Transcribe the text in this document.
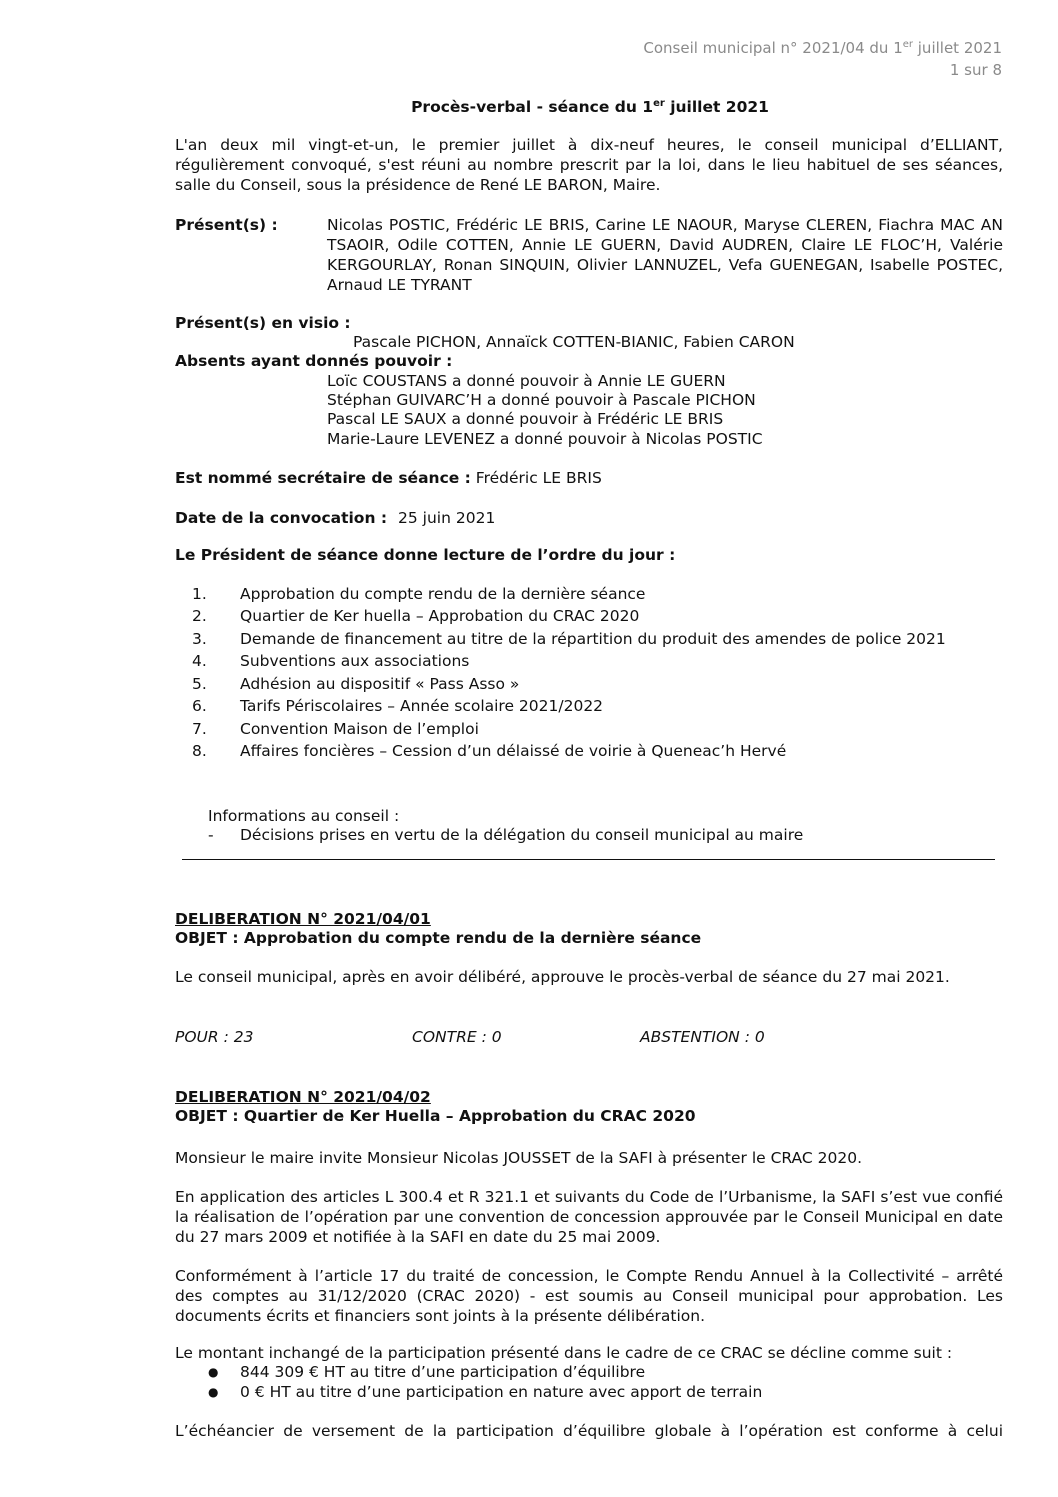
Conseil municipal n° 2021/04 du 1er juillet 2021
1 sur 8
Procès-verbal - séance du 1er juillet 2021
L'an deux mil vingt-et-un, le premier juillet à dix-neuf heures, le conseil municipal d’ELLIANT, régulièrement convoqué, s'est réuni au nombre prescrit par la loi, dans le lieu habituel de ses séances, salle du Conseil, sous la présidence de René LE BARON, Maire.
Présent(s) :	Nicolas POSTIC, Frédéric LE BRIS, Carine LE NAOUR, Maryse CLEREN, Fiachra MAC AN TSAOIR, Odile COTTEN, Annie LE GUERN, David AUDREN, Claire LE FLOC’H, Valérie KERGOURLAY, Ronan SINQUIN, Olivier LANNUZEL, Vefa GUENEGAN, Isabelle POSTEC, Arnaud LE TYRANT
Présent(s) en visio :
Pascale PICHON, Annaïck COTTEN-BIANIC, Fabien CARON
Absents ayant donnés pouvoir :
Loïc COUSTANS a donné pouvoir à Annie LE GUERN
Stéphan GUIVARC’H a donné pouvoir à Pascale PICHON
Pascal LE SAUX a donné pouvoir à Frédéric LE BRIS
Marie-Laure LEVENEZ a donné pouvoir à Nicolas POSTIC
Est nommé secrétaire de séance : Frédéric LE BRIS
Date de la convocation : 25 juin 2021
Le Président de séance donne lecture de l’ordre du jour :
1.	Approbation du compte rendu de la dernière séance
2.	Quartier de Ker huella – Approbation du CRAC 2020
3.	Demande de financement au titre de la répartition du produit des amendes de police 2021
4.	Subventions aux associations
5.	Adhésion au dispositif « Pass Asso »
6.	Tarifs Périscolaires – Année scolaire 2021/2022
7.	Convention Maison de l’emploi
8.	Affaires foncières – Cession d’un délaissé de voirie à Queneac’h Hervé
Informations au conseil :
- Décisions prises en vertu de la délégation du conseil municipal au maire
DELIBERATION N° 2021/04/01
OBJET : Approbation du compte rendu de la dernière séance
Le conseil municipal, après en avoir délibéré, approuve le procès-verbal de séance du 27 mai 2021.
POUR : 23	CONTRE : 0	ABSTENTION : 0
DELIBERATION N° 2021/04/02
OBJET : Quartier de Ker Huella – Approbation du CRAC 2020
Monsieur le maire invite Monsieur Nicolas JOUSSET de la SAFI à présenter le CRAC 2020.
En application des articles L 300.4 et R 321.1 et suivants du Code de l’Urbanisme, la SAFI s’est vue confié la réalisation de l’opération par une convention de concession approuvée par le Conseil Municipal en date du 27 mars 2009 et notifiée à la SAFI en date du 25 mai 2009.
Conformément à l’article 17 du traité de concession, le Compte Rendu Annuel à la Collectivité – arrêté des comptes au 31/12/2020 (CRAC 2020) - est soumis au Conseil municipal pour approbation. Les documents écrits et financiers sont joints à la présente délibération.
Le montant inchangé de la participation présenté dans le cadre de ce CRAC se décline comme suit :
● 844 309 € HT au titre d’une participation d’équilibre
● 0 € HT au titre d’une participation en nature avec apport de terrain
L’échéancier de versement de la participation d’équilibre globale à l’opération est conforme à celui
